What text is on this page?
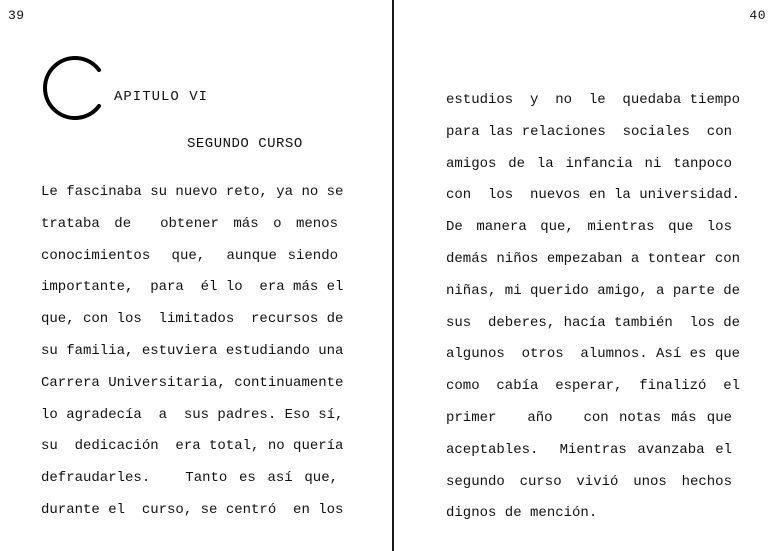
39
APITULO VI
SEGUNDO CURSO
Le fascinaba su nuevo reto, ya no se
trataba de  obtener más o menos
conocimientos  que,  aunque siendo
importante,  para  él lo  era más el
que, con los  limitados  recursos de
su familia, estuviera estudiando una
Carrera Universitaria, continuamente
lo agradecía  a  sus padres. Eso sí,
su  dedicación  era total, no quería
defraudarles.   Tanto es así que,
durante el  curso, se centró  en los
40
estudios  y  no  le  quedaba tiempo
para las relaciones  sociales  con
amigos de la infancia ni tanpoco
con  los  nuevos en la universidad.
De manera que, mientras que los
demás niños empezaban a tontear con
niñas, mi querido amigo, a parte de
sus  deberes, hacía también  los de
algunos  otros  alumnos. Así es que
como  cabía  esperar,  finalizó  el
primer   año   con notas más que
aceptables.  Mientras avanzaba el
segundo curso vivió unos hechos
dignos de mención.
